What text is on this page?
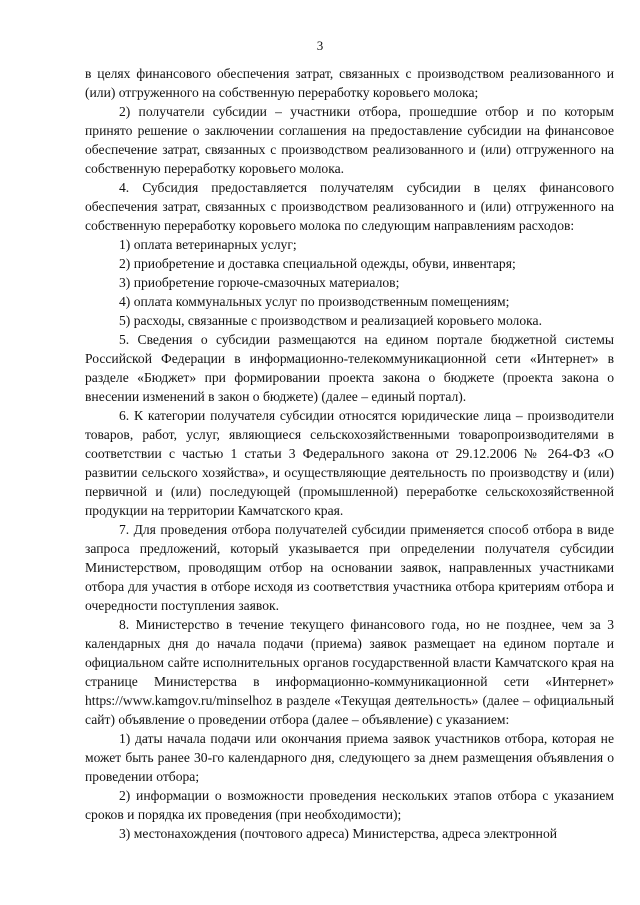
3

в целях финансового обеспечения затрат, связанных с производством реализованного и (или) отгруженного на собственную переработку коровьего молока;

2) получатели субсидии – участники отбора, прошедшие отбор и по которым принято решение о заключении соглашения на предоставление субсидии на финансовое обеспечение затрат, связанных с производством реализованного и (или) отгруженного на собственную переработку коровьего молока.

4. Субсидия предоставляется получателям субсидии в целях финансового обеспечения затрат, связанных с производством реализованного и (или) отгруженного на собственную переработку коровьего молока по следующим направлениям расходов:

1) оплата ветеринарных услуг;

2) приобретение и доставка специальной одежды, обуви, инвентаря;

3) приобретение горюче-смазочных материалов;

4) оплата коммунальных услуг по производственным помещениям;

5) расходы, связанные с производством и реализацией коровьего молока.

5. Сведения о субсидии размещаются на едином портале бюджетной системы Российской Федерации в информационно-телекоммуникационной сети «Интернет» в разделе «Бюджет» при формировании проекта закона о бюджете (проекта закона о внесении изменений в закон о бюджете) (далее – единый портал).

6. К категории получателя субсидии относятся юридические лица – производители товаров, работ, услуг, являющиеся сельскохозяйственными товаропроизводителями в соответствии с частью 1 статьи 3 Федерального закона от 29.12.2006 № 264-ФЗ «О развитии сельского хозяйства», и осуществляющие деятельность по производству и (или) первичной и (или) последующей (промышленной) переработке сельскохозяйственной продукции на территории Камчатского края.

7. Для проведения отбора получателей субсидии применяется способ отбора в виде запроса предложений, который указывается при определении получателя субсидии Министерством, проводящим отбор на основании заявок, направленных участниками отбора для участия в отборе исходя из соответствия участника отбора критериям отбора и очередности поступления заявок.

8. Министерство в течение текущего финансового года, но не позднее, чем за 3 календарных дня до начала подачи (приема) заявок размещает на едином портале и официальном сайте исполнительных органов государственной власти Камчатского края на странице Министерства в информационно-коммуникационной сети «Интернет» https://www.kamgov.ru/minselhoz в разделе «Текущая деятельность» (далее – официальный сайт) объявление о проведении отбора (далее – объявление) с указанием:

1) даты начала подачи или окончания приема заявок участников отбора, которая не может быть ранее 30-го календарного дня, следующего за днем размещения объявления о проведении отбора;

2) информации о возможности проведения нескольких этапов отбора с указанием сроков и порядка их проведения (при необходимости);

3) местонахождения (почтового адреса) Министерства, адреса электронной
